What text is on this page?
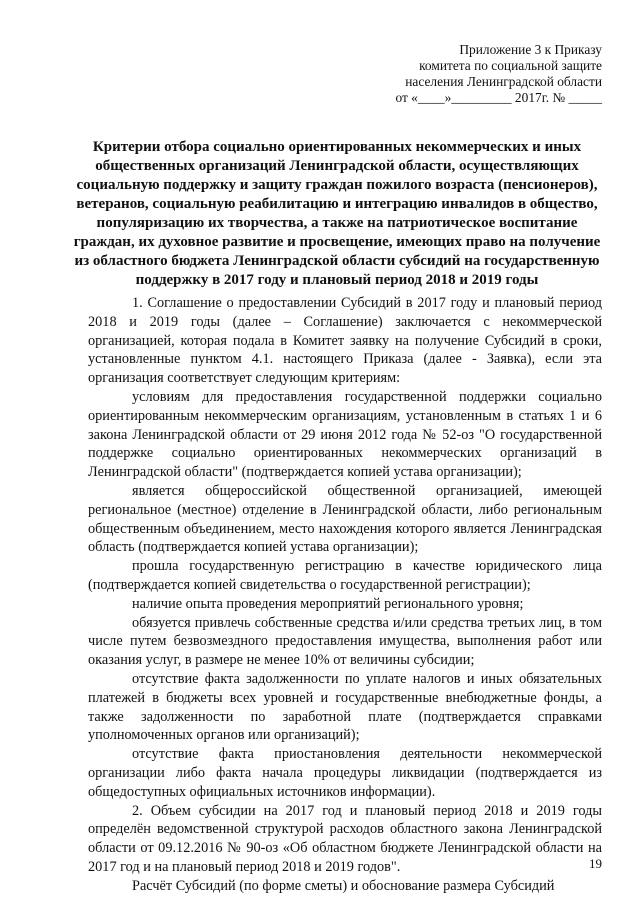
Приложение 3 к Приказу
комитета по социальной защите
населения Ленинградской области
от «____»_________ 2017г. № _____
Критерии отбора социально ориентированных некоммерческих и иных общественных организаций Ленинградской области, осуществляющих социальную поддержку и защиту граждан пожилого возраста (пенсионеров), ветеранов, социальную реабилитацию и интеграцию инвалидов в общество, популяризацию их творчества, а также на патриотическое воспитание граждан, их духовное развитие и просвещение, имеющих право на получение из областного бюджета Ленинградской области субсидий на государственную поддержку в 2017 году и плановый период 2018 и 2019 годы

1. Соглашение о предоставлении Субсидий в 2017 году и плановый период 2018 и 2019 годы (далее – Соглашение) заключается с некоммерческой организацией, которая подала в Комитет заявку на получение Субсидий в сроки, установленные пунктом 4.1. настоящего Приказа (далее - Заявка), если эта организация соответствует следующим критериям:

условиям для предоставления государственной поддержки социально ориентированным некоммерческим организациям, установленным в статьях 1 и 6 закона Ленинградской области от 29 июня 2012 года № 52-оз "О государственной поддержке социально ориентированных некоммерческих организаций в Ленинградской области" (подтверждается копией устава организации);

является общероссийской общественной организацией, имеющей региональное (местное) отделение в Ленинградской области, либо региональным общественным объединением, место нахождения которого является Ленинградская область (подтверждается копией устава организации);

прошла государственную регистрацию в качестве юридического лица (подтверждается копией свидетельства о государственной регистрации);

наличие опыта проведения мероприятий регионального уровня;

обязуется привлечь собственные средства и/или средства третьих лиц, в том числе путем безвозмездного предоставления имущества, выполнения работ или оказания услуг, в размере не менее 10% от величины субсидии;

отсутствие факта задолженности по уплате налогов и иных обязательных платежей в бюджеты всех уровней и государственные внебюджетные фонды, а также задолженности по заработной плате (подтверждается справками уполномоченных органов или организаций);

отсутствие факта приостановления деятельности некоммерческой организации либо факта начала процедуры ликвидации (подтверждается из общедоступных официальных источников информации).

2. Объем субсидии на 2017 год и плановый период 2018 и 2019 годы определён ведомственной структурой расходов областного закона Ленинградской области от 09.12.2016 № 90-оз «Об областном бюджете Ленинградской области на 2017 год и на плановый период 2018 и 2019 годов".

Расчёт Субсидий (по форме сметы) и обоснование размера Субсидий

19
